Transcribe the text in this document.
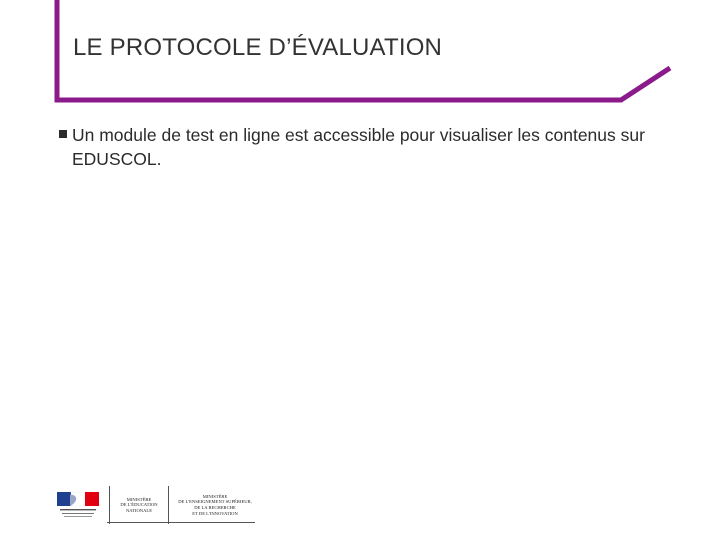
LE PROTOCOLE D’ÉVALUATION
Un module de test en ligne est accessible pour visualiser les contenus sur EDUSCOL.
MINISTÈRE
DE L'ÉDUCATION
NATIONALE
MINISTÈRE
DE L'ENSEIGNEMENT SUPÉRIEUR,
DE LA RECHERCHE
ET DE L'INNOVATION
